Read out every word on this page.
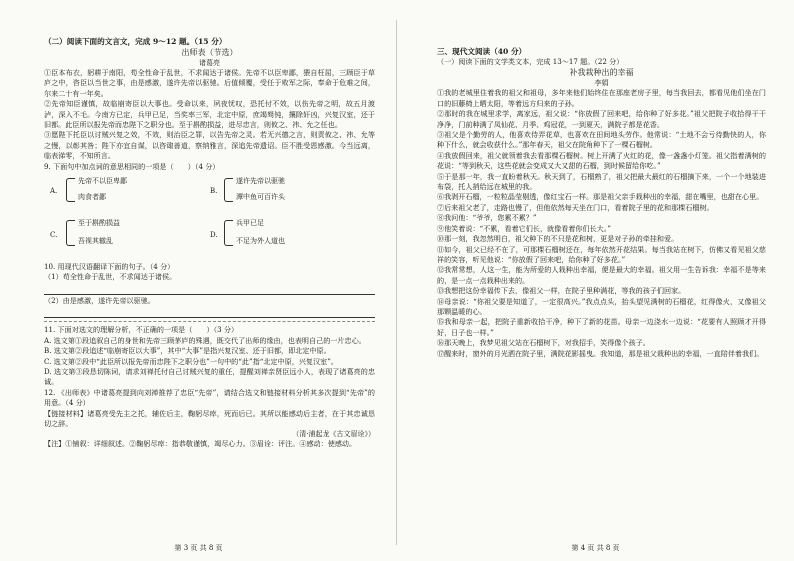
（二）阅读下面的文言文，完成 9～12 题。（15 分）

出师表（节选）

诸葛亮

①臣本布衣，躬耕于南阳，苟全性命于乱世，不求闻达于诸侯。先帝不以臣卑鄙，猥自枉屈，三顾臣于草庐之中，咨臣以当世之事，由是感激，遂许先帝以驱驰。后值倾覆，受任于败军之际，奉命于危难之间，尔来二十有一年矣。

②先帝知臣谨慎，故临崩寄臣以大事也。受命以来，夙夜忧叹，恐托付不效，以伤先帝之明，故五月渡泸，深入不毛。今南方已定，兵甲已足，当奖率三军，北定中原，庶竭驽钝，攘除奸凶，兴复汉室，还于旧都。此臣所以报先帝而忠陛下之职分也。至于斟酌损益，进尽忠言，则攸之、祎、允之任也。

③愿陛下托臣以讨贼兴复之效，不效，则治臣之罪，以告先帝之灵。若无兴德之言，则责攸之、祎、允等之慢，以彰其咎；陛下亦宜自谋，以咨诹善道，察纳雅言，深追先帝遗诏。臣不胜受恩感激。今当远离，临表涕零，不知所言。

9. 下面句中加点词的意思相同的一项是（　　）（4 分）

A.
先帝不以臣卑鄙
肉食者鄙
B.
遂许先帝以驱驰
潭中鱼可百许头
C.
至于斟酌损益
吾视其辙乱
D.
兵甲已足
不足为外人道也

10. 用现代汉语翻译下面的句子。（4 分）

（1）苟全性命于乱世，不求闻达于诸侯。

（2）由是感激，遂许先帝以驱驰。

11. 下面对选文的理解分析，不正确的一项是（　　）（3 分）

A. 选文第①段追叙自己的身世和先帝三顾茅庐的殊遇，既交代了出师的缘由，也表明自己的一片忠心。

B. 选文第②段追述“临崩寄臣以大事”，其中“大事”是指兴复汉室、还于旧都，即北定中原。

C. 选文第②段中“此臣所以报先帝而忠陛下之职分也”一句中的“此”指“北定中原，兴复汉室”。

D. 选文第③段恳切陈词，请求刘禅托付自己讨贼兴复的重任，提醒刘禅亲贤臣远小人，表现了诸葛亮的忠诚。

12. 《出师表》中诸葛亮提到向刘禅推荐了忠臣“先帝”，请结合选文和链接材料分析其多次提到“先帝”的用意。（4 分）

【链接材料】诸葛亮受先主之托，辅佐后主，鞠躬尽瘁，死而后已。其所以能感动后主者，在于其忠诚恳切之辞。

（清·浦起龙《古文眉诠》）

【注】①铺叙：详细叙述。②鞠躬尽瘁：指恭敬谨慎，竭尽心力。③眉诠：评注。④感动：使感动。

第 3 页 共 8 页

三、现代文阅读（40 分）

（一）阅读下面的文学类文本，完成 13～17 题。（22 分）

补我栽种出的幸福

李娟

①我的老城里住着我的祖父和祖母，多年来他们始终住在那座老房子里，每当我回去，都看见他们坐在门口的旧藤椅上晒太阳，等着远方归来的子孙。

②那时的我在城里求学，离家远，祖父说：“你放假了回来吧，给你种了好多花。”祖父把院子收拾得干干净净，门前种满了凤仙花、月季、鸡冠花，一到夏天，满院子都是花香。

③祖父是个勤劳的人，他喜欢侍弄花草，也喜欢在田间地头劳作。他常说：“土地不会亏待勤快的人，你种下什么，就会收获什么。”那年春天，祖父在院角种下了一棵石榴树。

④我放假回来，祖父就领着我去看那棵石榴树。树上开满了火红的花，像一盏盏小灯笼。祖父指着满树的花说：“等到秋天，这些花就会变成又大又甜的石榴，到时候留给你吃。”

⑤于是那一年，我一直盼着秋天。秋天到了，石榴熟了，祖父把最大最红的石榴摘下来，一个一个地装进布袋，托人捎给远在城里的我。

⑥我剥开石榴，一粒粒晶莹剔透，像红宝石一样。那是祖父亲手栽种出的幸福，甜在嘴里，也甜在心里。

⑦后来祖父老了，走路也慢了，但他依然每天坐在门口，看着院子里的花和那棵石榴树。

⑧我问他：“爷爷，您累不累？”

⑨他笑着说：“不累，看着它们长，就像看着你们长大。”

⑩那一刻，我忽然明白，祖父种下的不只是花和树，更是对子孙的牵挂和爱。

⑪如今，祖父已经不在了，可那棵石榴树还在，每年依然开花结果。每当我站在树下，仿佛又看见祖父慈祥的笑容，听见他说：“你放假了回来吧，给你种了好多花。”

⑫我常常想，人这一生，能为所爱的人栽种出幸福，便是最大的幸福。祖父用一生告诉我：幸福不是等来的，是一点一点栽种出来的。

⑬我想把这份幸福传下去，像祖父一样，在院子里种满花，等我的孩子们回家。

⑭母亲说：“你祖父要是知道了，一定很高兴。”我点点头，抬头望见满树的石榴花，红得像火，又像祖父那颗温暖的心。

⑮我和母亲一起，把院子重新收拾干净，种下了新的花苗。母亲一边浇水一边说：“花要有人照顾才开得好，日子也一样。”

⑯那天晚上，我梦见祖父站在石榴树下，对我招手，笑得像个孩子。

⑰醒来时，窗外的月光洒在院子里，满院花影摇曳。我知道，那是祖父栽种出的幸福，一直陪伴着我们。

第 4 页 共 8 页
